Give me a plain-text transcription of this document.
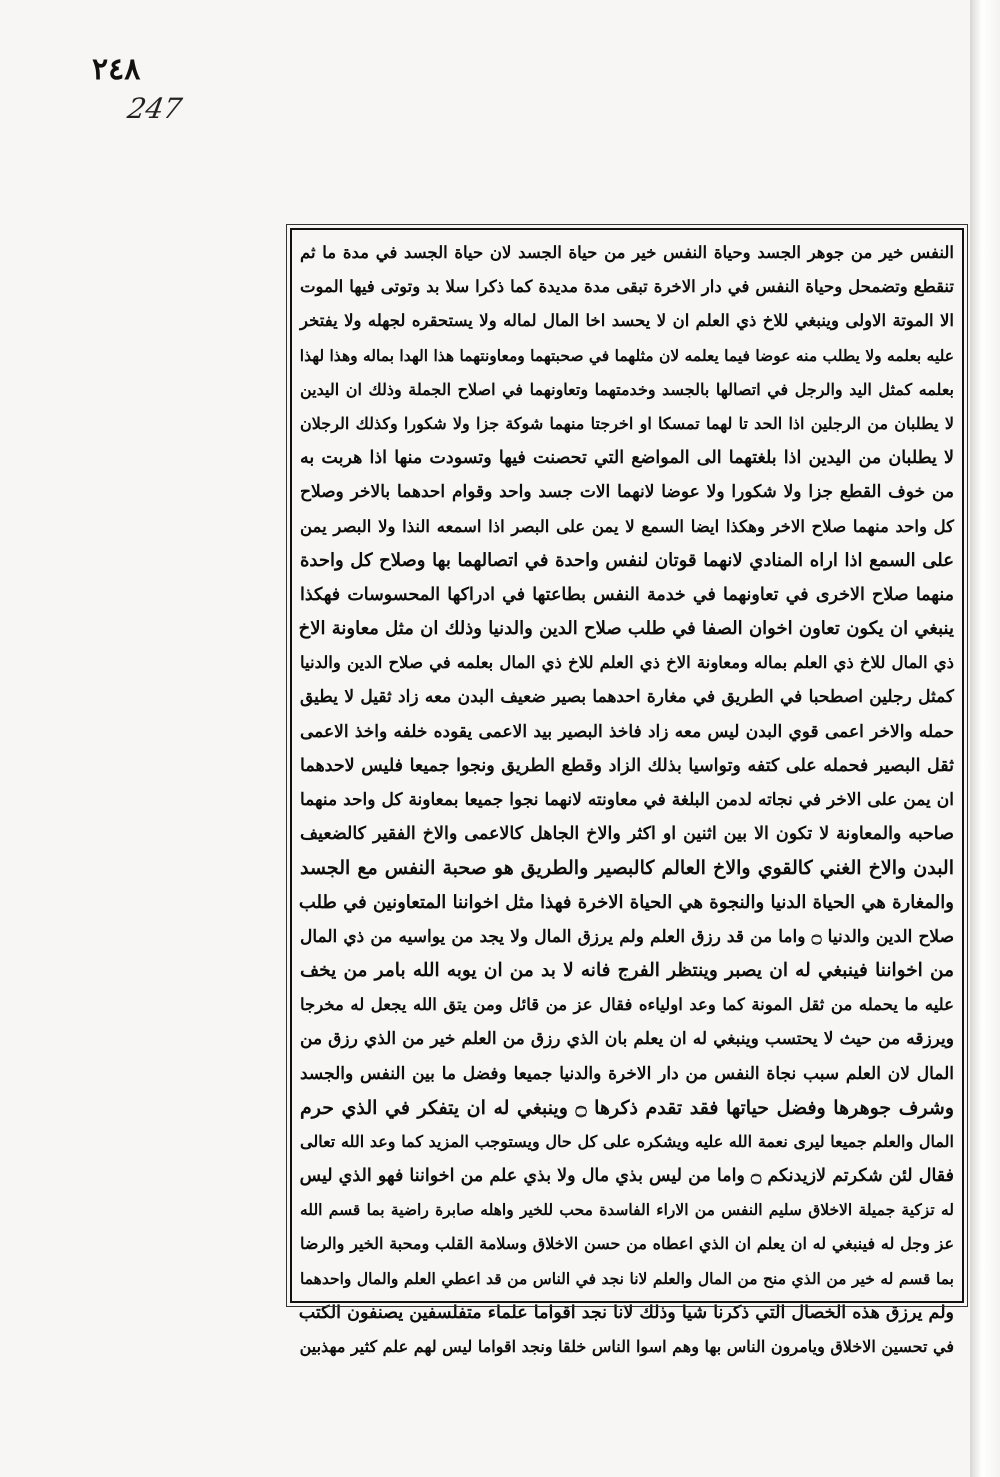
٢٤٨
247
النفس خير من جوهر الجسد وحياة النفس خير من حياة الجسد لان حياة الجسد في مدة ما ثم
تنقطع وتضمحل وحياة النفس في دار الاخرة تبقى مدة مديدة كما ذكرا سلا بد وتوتى فيها الموت
الا الموتة الاولى وينبغي للاخ ذي العلم ان لا يحسد اخا المال لماله ولا يستحقره لجهله ولا يفتخر
عليه بعلمه ولا يطلب منه عوضا فيما يعلمه لان مثلهما في صحبتهما ومعاونتهما هذا الهدا بماله وهذا لهذا
بعلمه كمثل اليد والرجل في اتصالها بالجسد وخدمتهما وتعاونهما في اصلاح الجملة وذلك ان اليدين
لا يطلبان من الرجلين اذا الحد تا لهما تمسكا او اخرجتا منهما شوكة جزا ولا شكورا وكذلك الرجلان
لا يطلبان من اليدين اذا بلغتهما الى المواضع التي تحصنت فيها وتسودت منها اذا هربت به
من خوف القطع جزا ولا شكورا ولا عوضا لانهما الات جسد واحد وقوام احدهما بالاخر وصلاح
كل واحد منهما صلاح الاخر وهكذا ايضا السمع لا يمن على البصر اذا اسمعه النذا ولا البصر يمن
على السمع اذا اراه المنادي لانهما قوتان لنفس واحدة في اتصالهما بها وصلاح كل واحدة
منهما صلاح الاخرى في تعاونهما في خدمة النفس بطاعتها في ادراكها المحسوسات فهكذا
ينبغي ان يكون تعاون اخوان الصفا في طلب صلاح الدين والدنيا وذلك ان مثل معاونة الاخ
ذي المال للاخ ذي العلم بماله ومعاونة الاخ ذي العلم للاخ ذي المال بعلمه في صلاح الدين والدنيا
كمثل رجلين اصطحبا في الطريق في مغارة احدهما بصير ضعيف البدن معه زاد ثقيل لا يطيق
حمله والاخر اعمى قوي البدن ليس معه زاد فاخذ البصير بيد الاعمى يقوده خلفه واخذ الاعمى
ثقل البصير فحمله على كتفه وتواسيا بذلك الزاد وقطع الطريق ونجوا جميعا فليس لاحدهما
ان يمن على الاخر في نجاته لدمن البلغة في معاونته لانهما نجوا جميعا بمعاونة كل واحد منهما
صاحبه والمعاونة لا تكون الا بين اثنين او اكثر والاخ الجاهل كالاعمى والاخ الفقير كالضعيف
البدن والاخ الغني كالقوي والاخ العالم كالبصير والطريق هو صحبة النفس مع الجسد
والمغارة هي الحياة الدنيا والنجوة هي الحياة الاخرة فهذا مثل اخواننا المتعاونين في طلب
صلاح الدين والدنيا ۝ واما من قد رزق العلم ولم يرزق المال ولا يجد من يواسيه من ذي المال
من اخواننا فينبغي له ان يصبر وينتظر الفرج فانه لا بد من ان يوبه الله بامر من يخف
عليه ما يحمله من ثقل المونة كما وعد اولياءه فقال عز من قائل ومن يتق الله يجعل له مخرجا
ويرزقه من حيث لا يحتسب وينبغي له ان يعلم بان الذي رزق من العلم خير من الذي رزق من
المال لان العلم سبب نجاة النفس من دار الاخرة والدنيا جميعا وفضل ما بين النفس والجسد
وشرف جوهرها وفضل حياتها فقد تقدم ذكرها ۝ وينبغي له ان يتفكر في الذي حرم
المال والعلم جميعا ليرى نعمة الله عليه ويشكره على كل حال ويستوجب المزيد كما وعد الله تعالى
فقال لئن شكرتم لازيدنكم ۝ واما من ليس بذي مال ولا بذي علم من اخواننا فهو الذي ليس
له تزكية جميلة الاخلاق سليم النفس من الاراء الفاسدة محب للخير واهله صابرة راضية بما قسم الله
عز وجل له فينبغي له ان يعلم ان الذي اعطاه من حسن الاخلاق وسلامة القلب ومحبة الخير والرضا
بما قسم له خير من الذي منح من المال والعلم لانا نجد في الناس من قد اعطي العلم والمال واحدهما
ولم يرزق هذه الخصال التي ذكرنا شيا وذلك لانا نجد اقواما علماء متفلسفين يصنفون الكتب
في تحسين الاخلاق ويامرون الناس بها وهم اسوا الناس خلقا ونجد اقواما ليس لهم علم كثير مهذبين
